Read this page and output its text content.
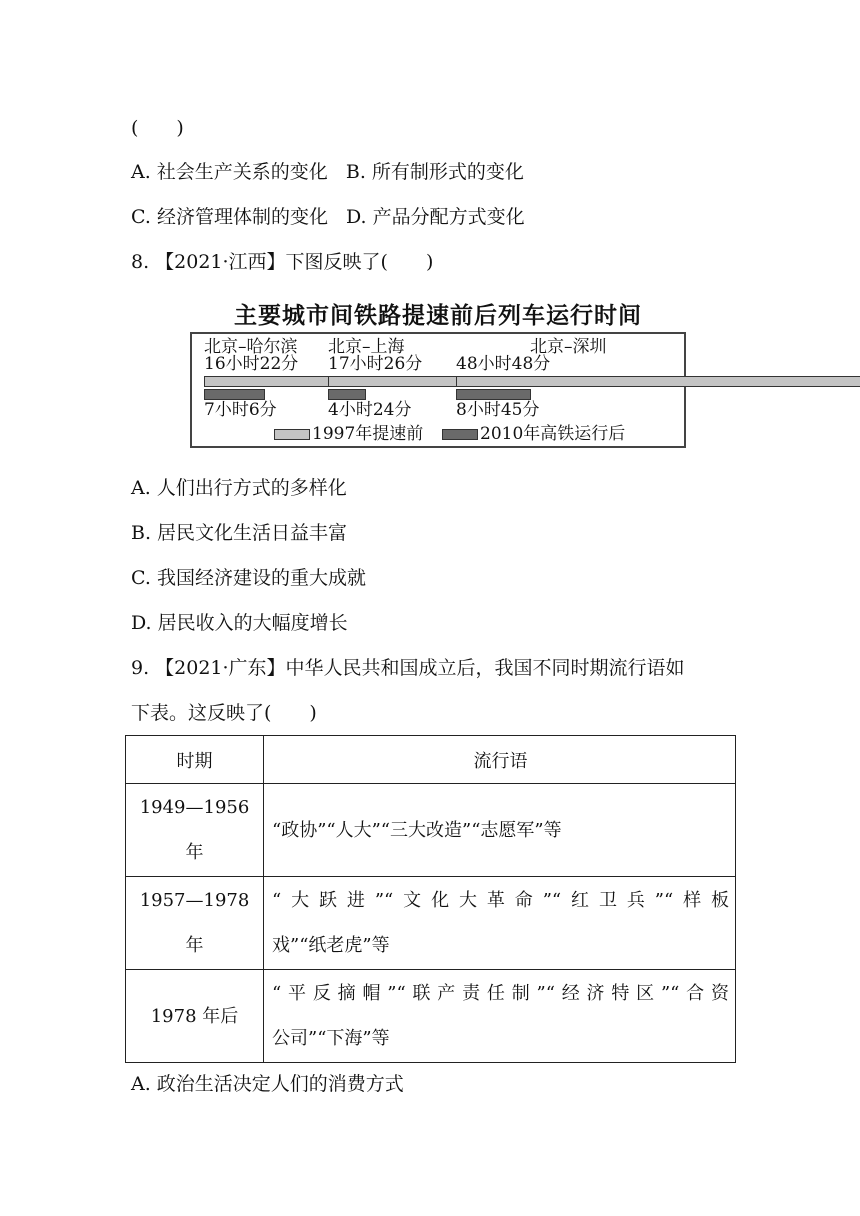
(　　)
A. 社会生产关系的变化 B. 所有制形式的变化
C. 经济管理体制的变化 D. 产品分配方式变化
8. 【2021·江西】下图反映了(　　)
主要城市间铁路提速前后列车运行时间
北京–哈尔滨 北京–上海	北京–深圳
16小时22分 17小时26分 48小时48分
7小时6分	4小时24分	8小时45分
1997年提速前	2010年高铁运行后
A. 人们出行方式的多样化
B. 居民文化生活日益丰富
C. 我国经济建设的重大成就
D. 居民收入的大幅度增长
9. 【2021·广东】中华人民共和国成立后，我国不同时期流行语如
下表。这反映了(　　)
时期	流行语

1949—1956
年	“政协”“人大”“三大改造”“志愿军”等

1957—1978
年	“大跃进”“文化大革命”“红卫兵”“样板
戏”“纸老虎”等

1978 年后	“平反摘帽”“联产责任制”“经济特区”“合资
公司”“下海”等
A. 政治生活决定人们的消费方式
